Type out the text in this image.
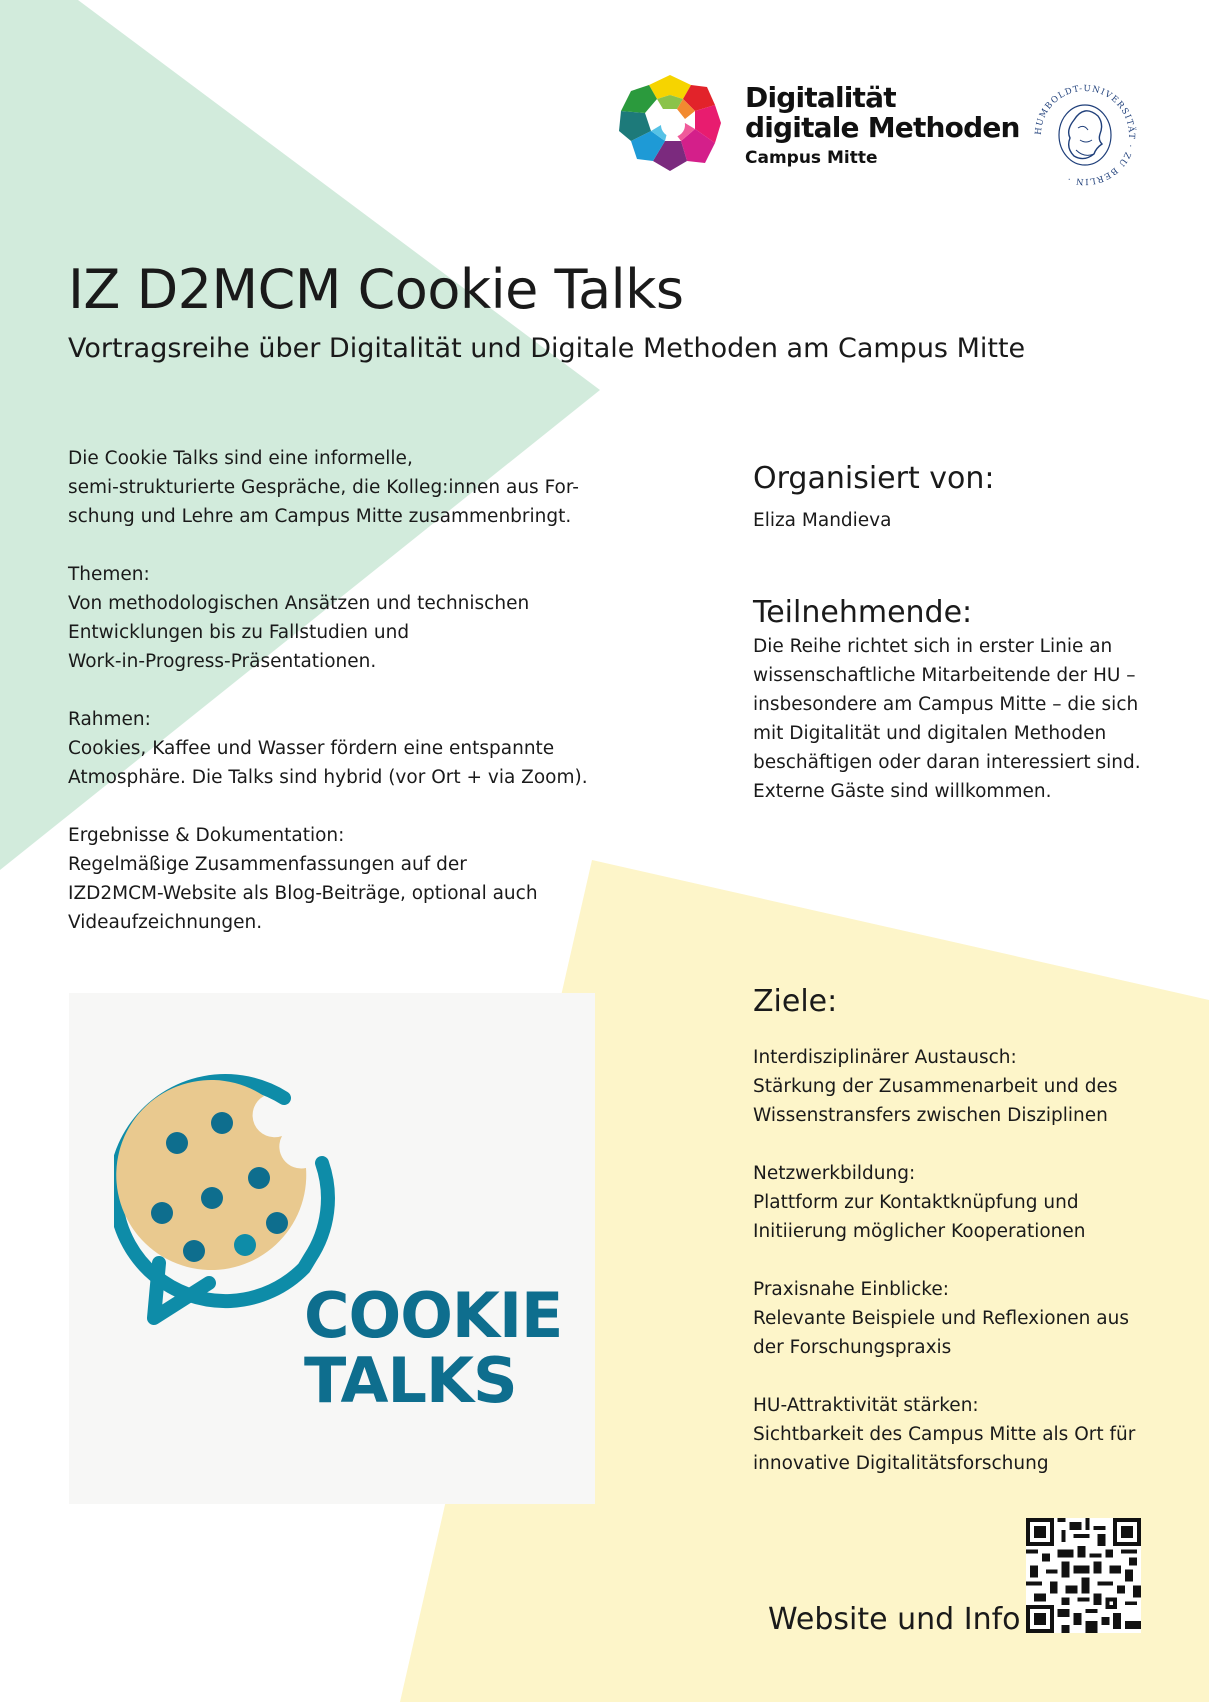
Digitalität
digitale Methoden
Campus Mitte
HUMBOLDT-UNIVERSITÄT · ZU BERLIN ·
IZ D2MCM Cookie Talks
Vortragsreihe über Digitalität und Digitale Methoden am Campus Mitte
Die Cookie Talks sind eine informelle,
semi-strukturierte Gespräche, die Kolleg:innen aus For-
schung und Lehre am Campus Mitte zusammenbringt.
Themen:
Von methodologischen Ansätzen und technischen
Entwicklungen bis zu Fallstudien und
Work-in-Progress-Präsentationen.
Rahmen:
Cookies, Kaffee und Wasser fördern eine entspannte
Atmosphäre. Die Talks sind hybrid (vor Ort + via Zoom).
Ergebnisse & Dokumentation:
Regelmäßige Zusammenfassungen auf der
IZD2MCM-Website als Blog-Beiträge, optional auch
Videaufzeichnungen.
Organisiert von:
Eliza Mandieva
Teilnehmende:
Die Reihe richtet sich in erster Linie an
wissenschaftliche Mitarbeitende der HU –
insbesondere am Campus Mitte – die sich
mit Digitalität und digitalen Methoden
beschäftigen oder daran interessiert sind.
Externe Gäste sind willkommen.
Ziele:
Interdisziplinärer Austausch:
Stärkung der Zusammenarbeit und des
Wissenstransfers zwischen Disziplinen
Netzwerkbildung:
Plattform zur Kontaktknüpfung und
Initiierung möglicher Kooperationen
Praxisnahe Einblicke:
Relevante Beispiele und Reflexionen aus
der Forschungspraxis
HU-Attraktivität stärken:
Sichtbarkeit des Campus Mitte als Ort für
innovative Digitalitätsforschung
COOKIE
TALKS
Website und Info
